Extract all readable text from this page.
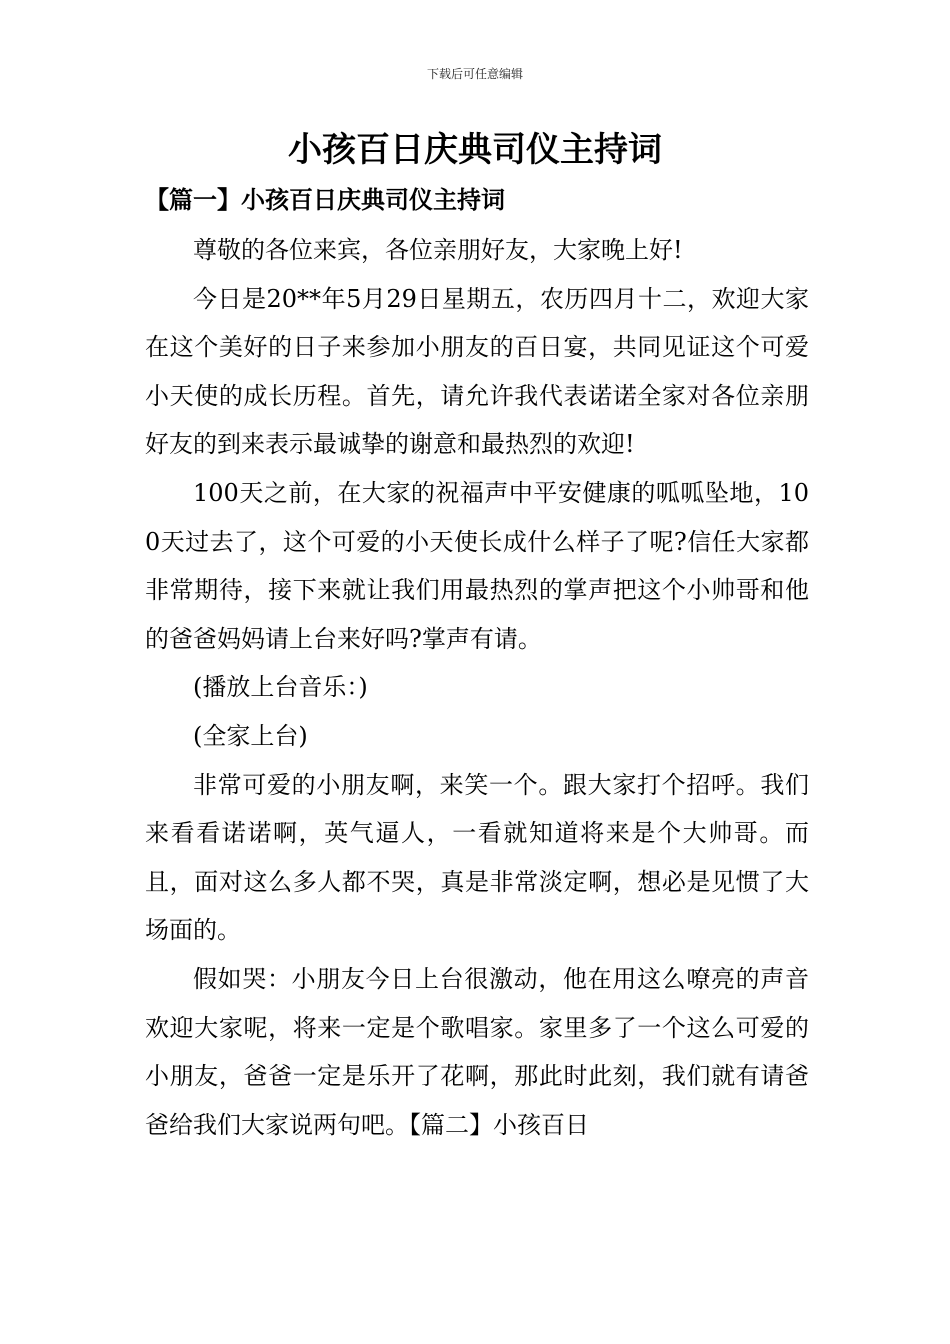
下载后可任意编辑
小孩百日庆典司仪主持词
【篇一】小孩百日庆典司仪主持词

尊敬的各位来宾，各位亲朋好友，大家晚上好!

今日是20**年5月29日星期五，农历四月十二，欢迎大家在这个美好的日子来参加小朋友的百日宴，共同见证这个可爱小天使的成长历程。首先，请允许我代表诺诺全家对各位亲朋好友的到来表示最诚挚的谢意和最热烈的欢迎!

100天之前，在大家的祝福声中平安健康的呱呱坠地，100天过去了，这个可爱的小天使长成什么样子了呢?信任大家都非常期待，接下来就让我们用最热烈的掌声把这个小帅哥和他的爸爸妈妈请上台来好吗?掌声有请。

(播放上台音乐：)

(全家上台)

非常可爱的小朋友啊，来笑一个。跟大家打个招呼。我们来看看诺诺啊，英气逼人，一看就知道将来是个大帅哥。而且，面对这么多人都不哭，真是非常淡定啊，想必是见惯了大场面的。

假如哭：小朋友今日上台很激动，他在用这么嘹亮的声音欢迎大家呢，将来一定是个歌唱家。家里多了一个这么可爱的小朋友，爸爸一定是乐开了花啊，那此时此刻，我们就有请爸爸给我们大家说两句吧。【篇二】小孩百日
